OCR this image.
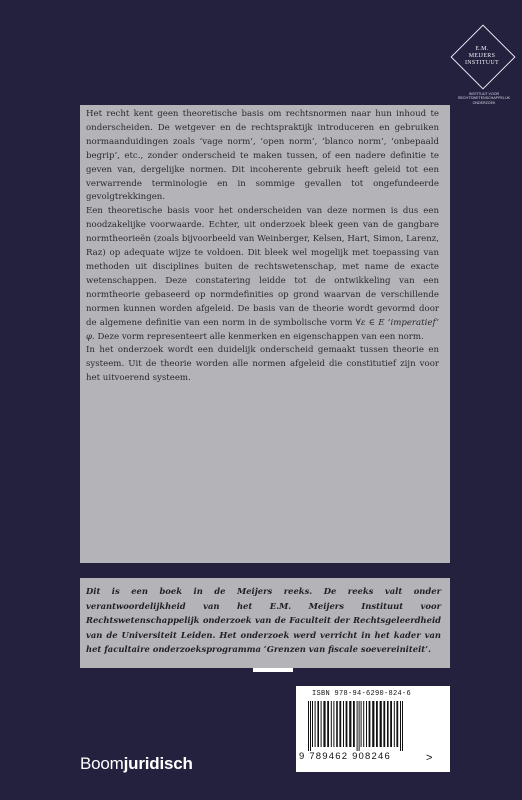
E.M.
MEIJERS
INSTITUUT
INSTITUUT VOOR
RECHTSWETENSCHAPPELIJK
ONDERZOEK

Het recht kent geen theoretische basis om rechtsnormen naar hun inhoud te onderscheiden. De wetgever en de rechtspraktijk introduceren en gebruiken normaanduidingen zoals ‘vage norm’, ‘open norm’, ‘blanco norm’, ‘onbepaald begrip’, etc., zonder onderscheid te maken tussen, of een nadere definitie te geven van, dergelijke normen. Dit incoherente gebruik heeft geleid tot een verwarrende terminologie en in sommige gevallen tot ongefundeerde gevolgtrekkingen.

Een theoretische basis voor het onderscheiden van deze normen is dus een noodzakelijke voorwaarde. Echter, uit onderzoek bleek geen van de gangbare normtheorieën (zoals bijvoorbeeld van Weinberger, Kelsen, Hart, Simon, Larenz, Raz) op adequate wijze te voldoen. Dit bleek wel mogelijk met toepassing van methoden uit disciplines buiten de rechtswetenschap, met name de exacte wetenschappen. Deze constatering leidde tot de ontwikkeling van een normtheorie gebaseerd op normdefinities op grond waarvan de verschillende normen kunnen worden afgeleid. De basis van de theorie wordt gevormd door de algemene definitie van een norm in de symbolische vorm ∀ε ∈ E ‘imperatief’ φ. Deze vorm representeert alle kenmerken en eigenschappen van een norm.

In het onderzoek wordt een duidelijk onderscheid gemaakt tussen theorie en systeem. Uit de theorie worden alle normen afgeleid die constitutief zijn voor het uitvoerend systeem.

Dit is een boek in de Meijers reeks. De reeks valt onder verantwoordelijkheid van het E.M. Meijers Instituut voor Rechtswetenschappelijk onderzoek van de Faculteit der Rechtsgeleerdheid van de Universiteit Leiden. Het onderzoek werd verricht in het kader van het facultaire onderzoeksprogramma ‘Grenzen van fiscale soevereiniteit’.
Boomjuridisch
ISBN 978-94-6290-824-6
9 789462 908246	>
